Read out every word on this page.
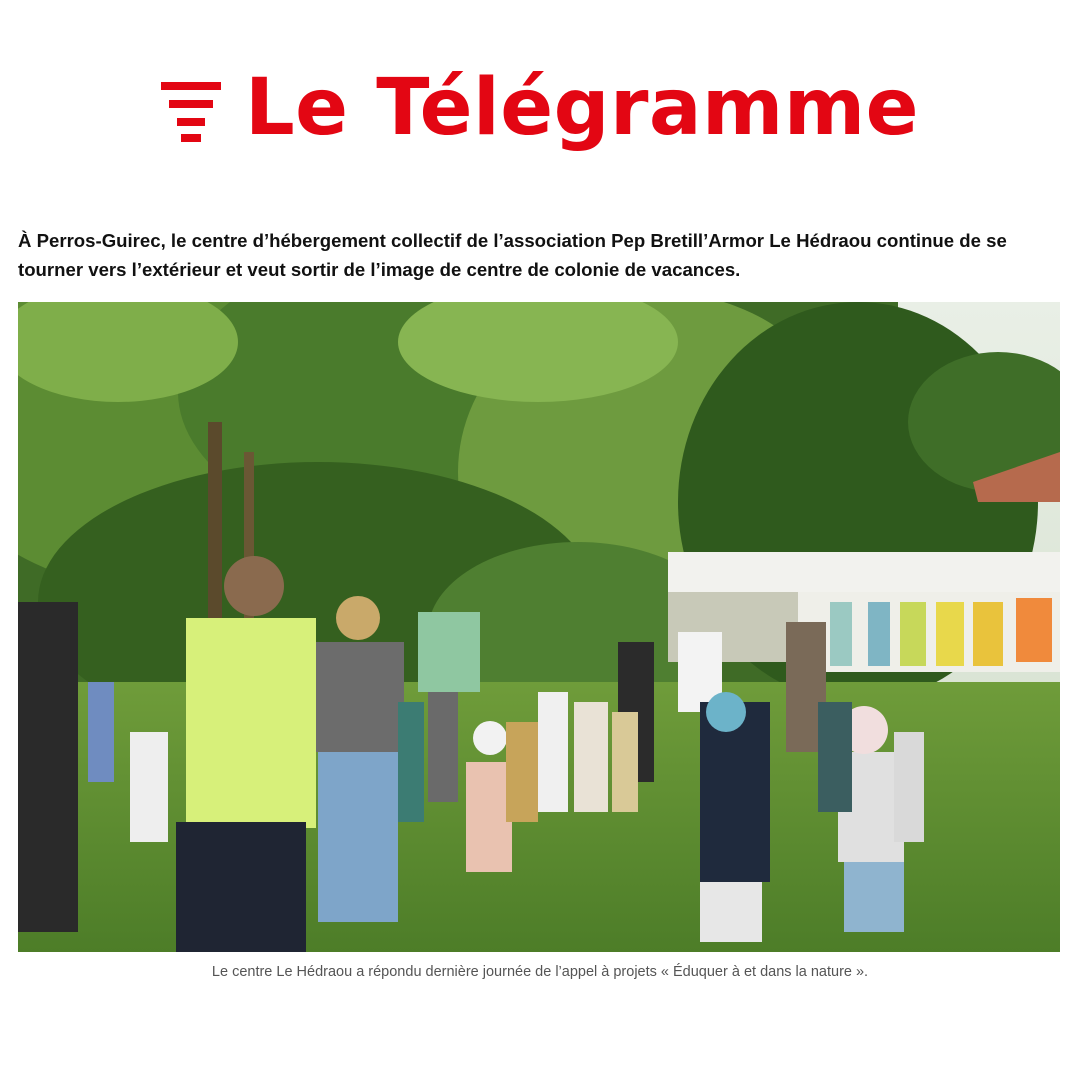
Le Télégramme

À Perros-Guirec, le centre d’hébergement collectif de l’association Pep Bretill’Armor Le Hédraou continue de se tourner vers l’extérieur et veut sortir de l’image de centre de colonie de vacances.

Le centre Le Hédraou a répondu dernière journée de l’appel à projets « Éduquer à et dans la nature ».
